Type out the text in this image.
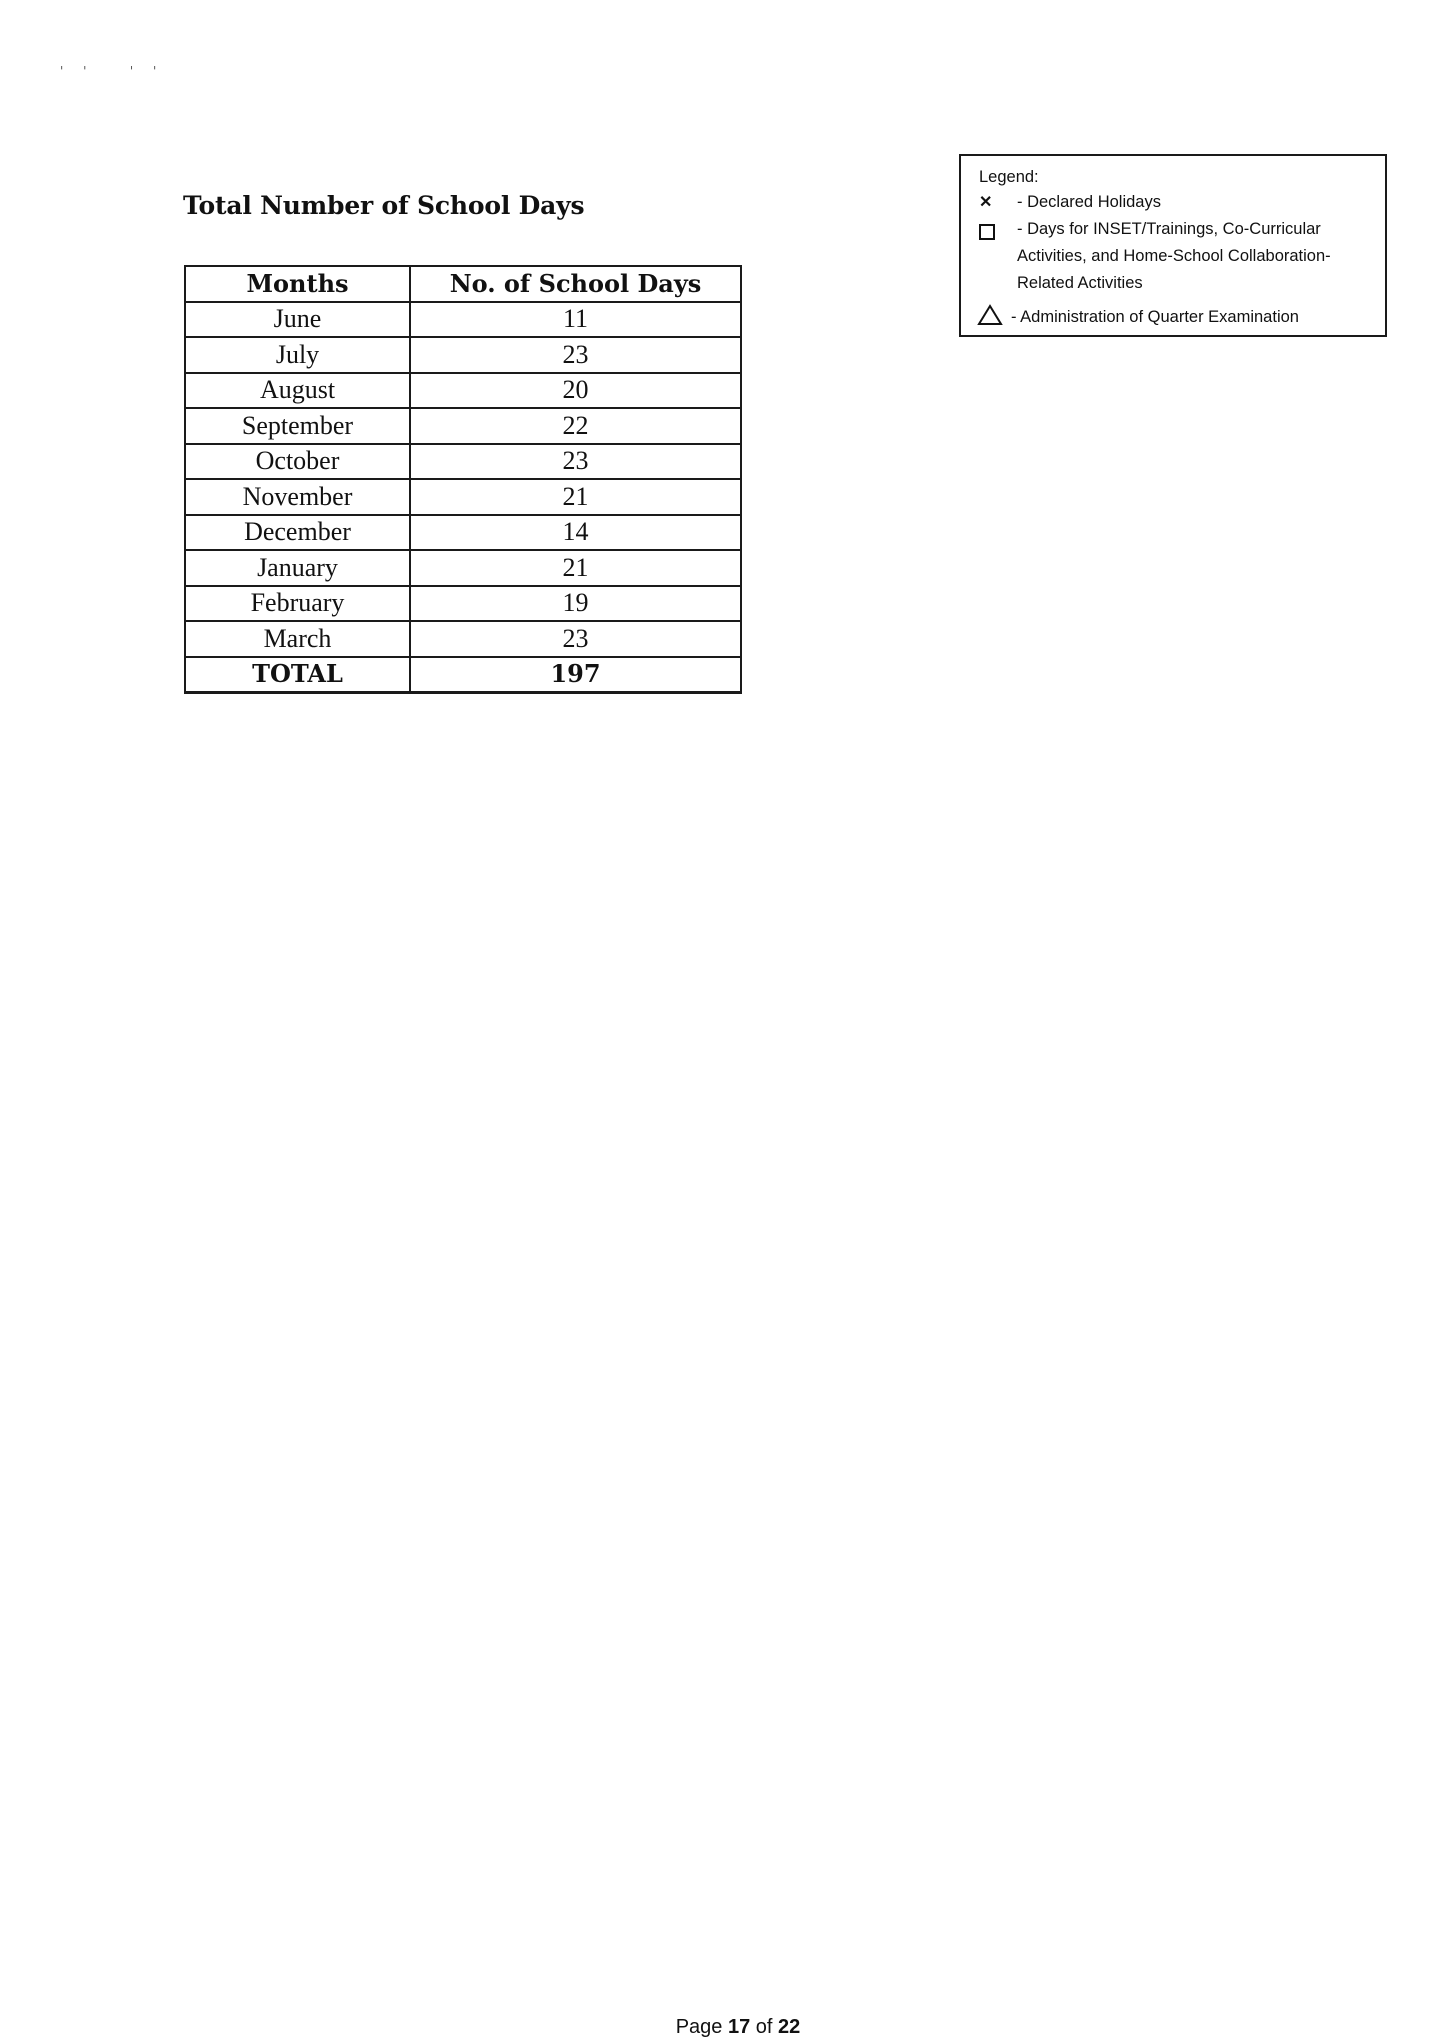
' '   ' '
Total Number of School Days
Months	No. of School Days
June	11
July	23
August	20
September	22
October	23
November	21
December	14
January	21
February	19
March	23
TOTAL	197
Legend:
✕ - Declared Holidays
- Days for INSET/Trainings, Co-Curricular Activities, and Home-School Collaboration-Related Activities
- Administration of Quarter Examination
Page 17 of 22
